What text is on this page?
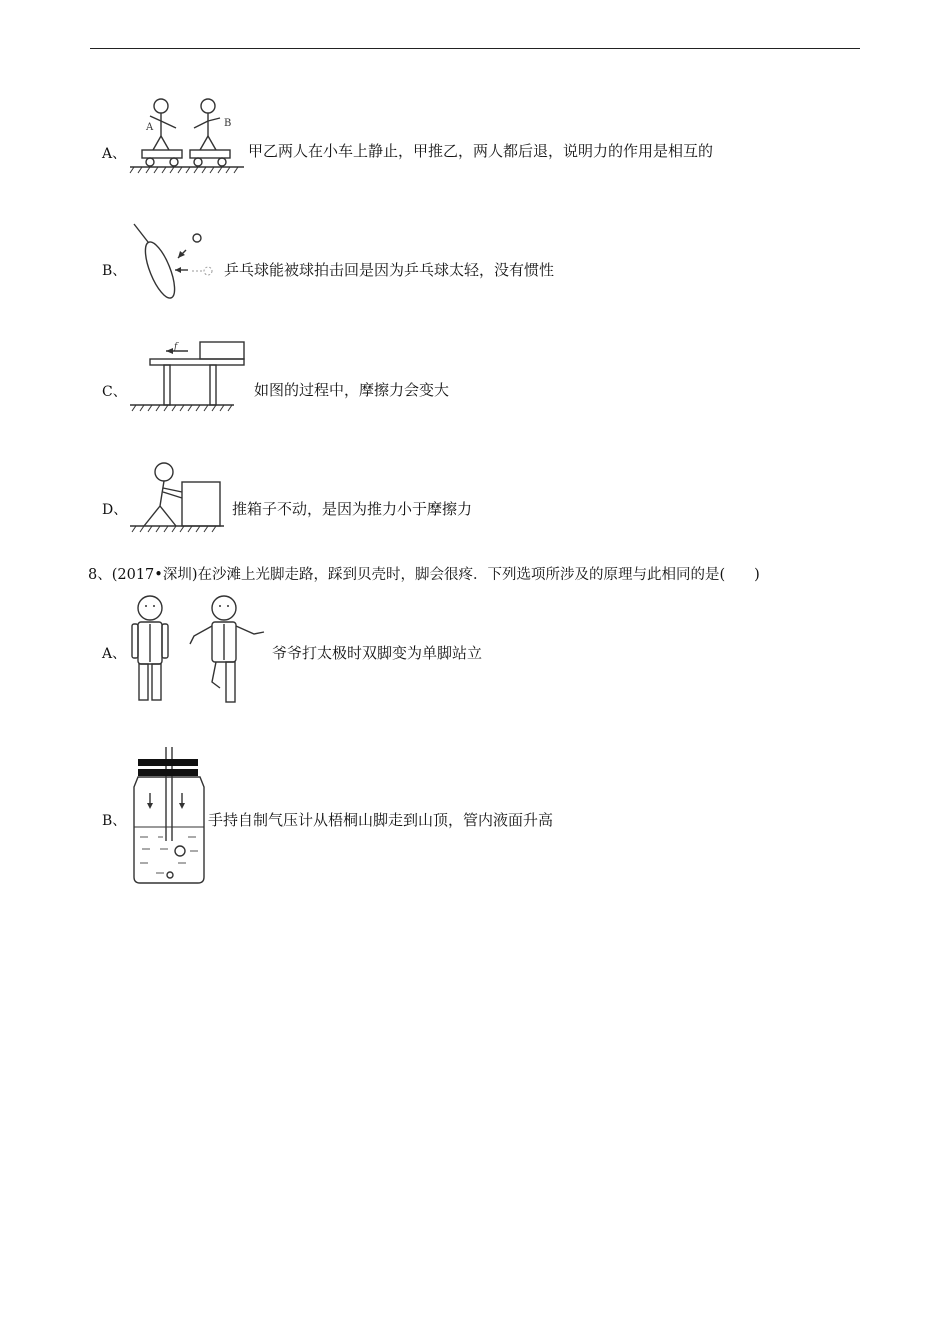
A、
A	B
甲乙两人在小车上静止，甲推乙，两人都后退，说明力的作用是相互的
B、	乒乓球能被球拍击回是因为乒乓球太轻，没有惯性
C、
f
如图的过程中，摩擦力会变大
D、	推箱子不动，是因为推力小于摩擦力
8、(2017•深圳)在沙滩上光脚走路，踩到贝壳时，脚会很疼．下列选项所涉及的原理与此相同的是(　　)
A、	爷爷打太极时双脚变为单脚站立
B、	手持自制气压计从梧桐山脚走到山顶，管内液面升高
